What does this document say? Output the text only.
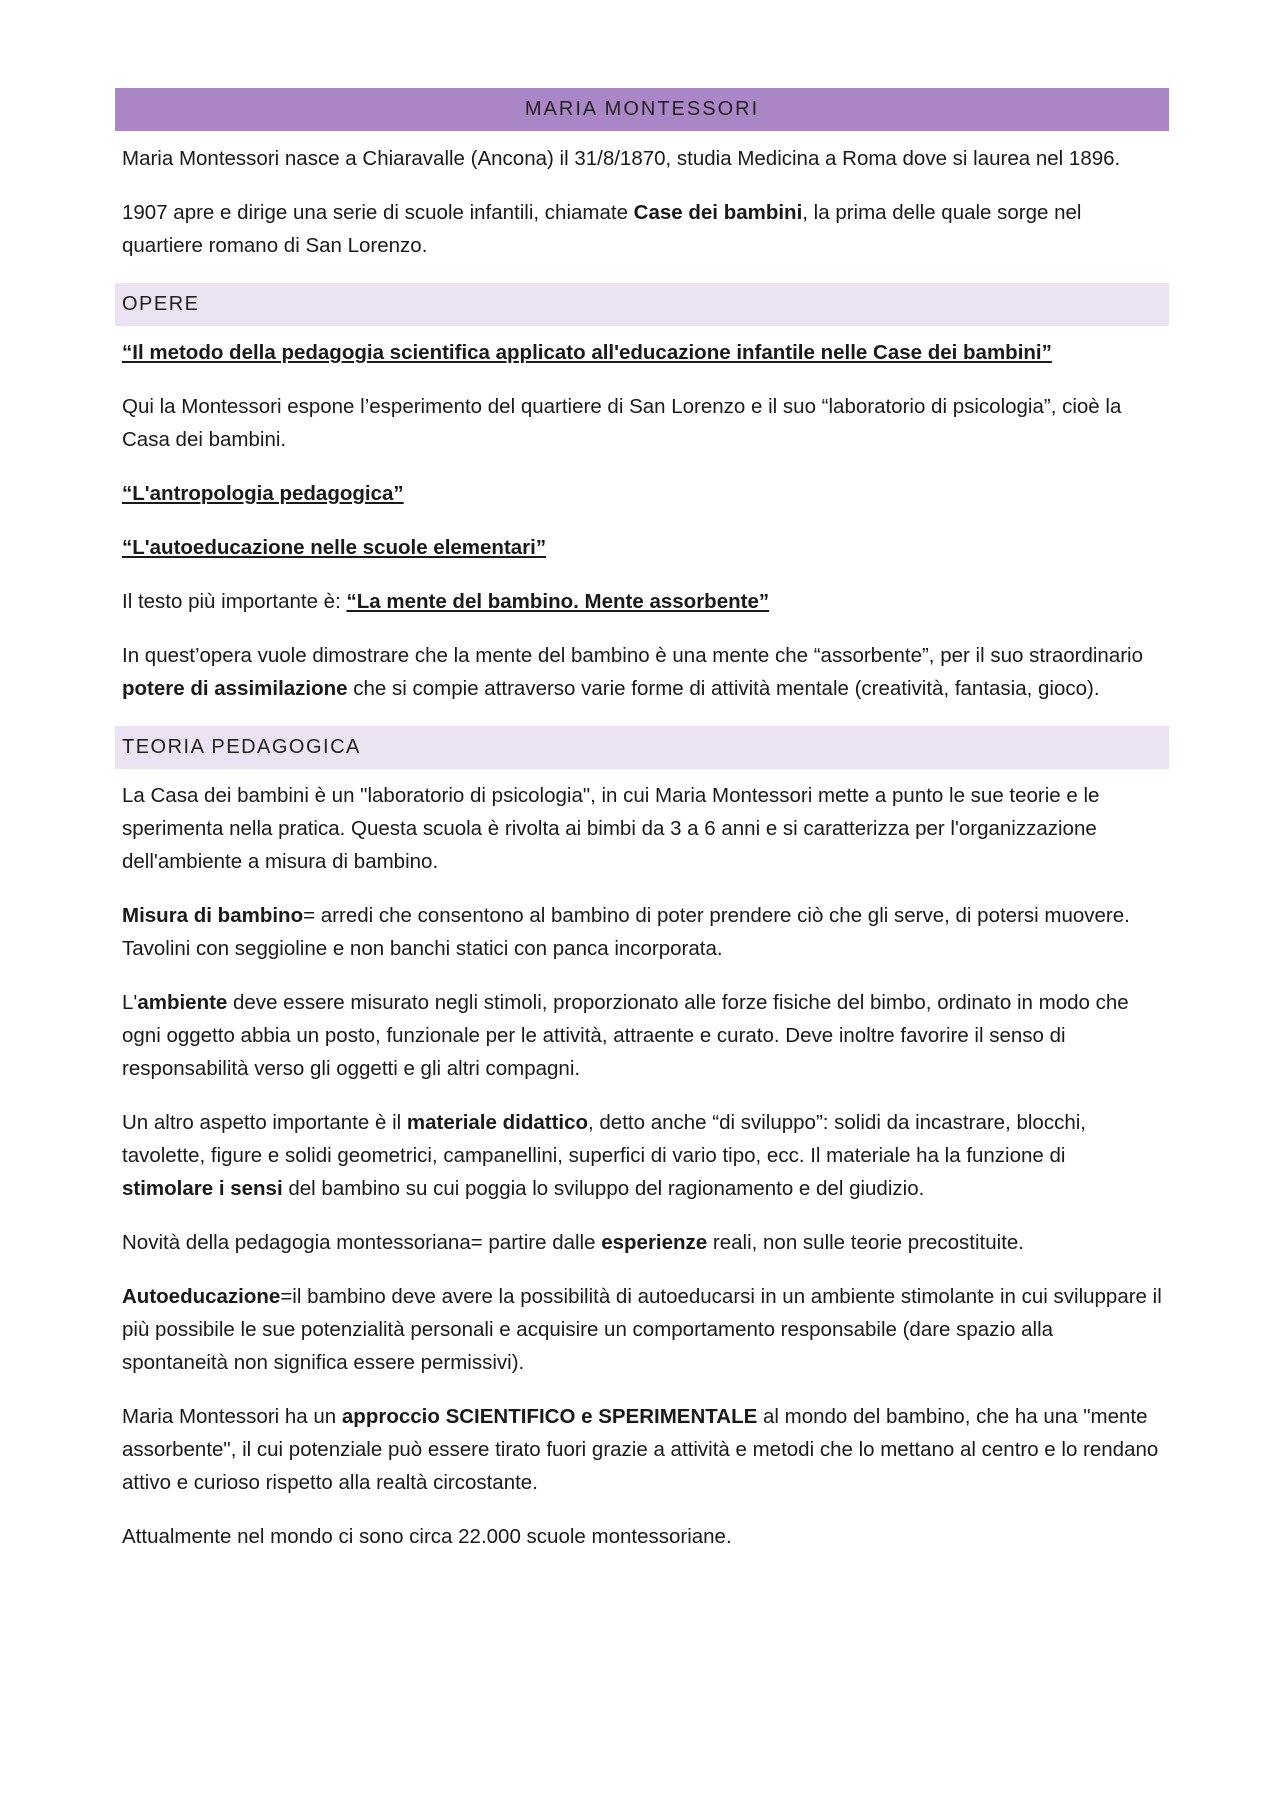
MARIA MONTESSORI

Maria Montessori nasce a Chiaravalle (Ancona) il 31/8/1870, studia Medicina a Roma dove si laurea nel 1896.

1907 apre e dirige una serie di scuole infantili, chiamate Case dei bambini, la prima delle quale sorge nel quartiere romano di San Lorenzo.

OPERE

“Il metodo della pedagogia scientifica applicato all'educazione infantile nelle Case dei bambini”

Qui la Montessori espone l’esperimento del quartiere di San Lorenzo e il suo “laboratorio di psicologia”, cioè la Casa dei bambini.

“L'antropologia pedagogica”

“L'autoeducazione nelle scuole elementari”

Il testo più importante è: “La mente del bambino. Mente assorbente”

In quest’opera vuole dimostrare che la mente del bambino è una mente che “assorbente”, per il suo straordinario potere di assimilazione che si compie attraverso varie forme di attività mentale (creatività, fantasia, gioco).

TEORIA PEDAGOGICA

La Casa dei bambini è un "laboratorio di psicologia", in cui Maria Montessori mette a punto le sue teorie e le sperimenta nella pratica. Questa scuola è rivolta ai bimbi da 3 a 6 anni e si caratterizza per l'organizzazione dell'ambiente a misura di bambino.

Misura di bambino= arredi che consentono al bambino di poter prendere ciò che gli serve, di potersi muovere. Tavolini con seggioline e non banchi statici con panca incorporata.

L'ambiente deve essere misurato negli stimoli, proporzionato alle forze fisiche del bimbo, ordinato in modo che ogni oggetto abbia un posto, funzionale per le attività, attraente e curato. Deve inoltre favorire il senso di responsabilità verso gli oggetti e gli altri compagni.

Un altro aspetto importante è il materiale didattico, detto anche “di sviluppo”: solidi da incastrare, blocchi, tavolette, figure e solidi geometrici, campanellini, superfici di vario tipo, ecc. Il materiale ha la funzione di stimolare i sensi del bambino su cui poggia lo sviluppo del ragionamento e del giudizio.

Novità della pedagogia montessoriana= partire dalle esperienze reali, non sulle teorie precostituite.

Autoeducazione=il bambino deve avere la possibilità di autoeducarsi in un ambiente stimolante in cui sviluppare il più possibile le sue potenzialità personali e acquisire un comportamento responsabile (dare spazio alla spontaneità non significa essere permissivi).

Maria Montessori ha un approccio SCIENTIFICO e SPERIMENTALE al mondo del bambino, che ha una "mente assorbente", il cui potenziale può essere tirato fuori grazie a attività e metodi che lo mettano al centro e lo rendano attivo e curioso rispetto alla realtà circostante.

Attualmente nel mondo ci sono circa 22.000 scuole montessoriane.
